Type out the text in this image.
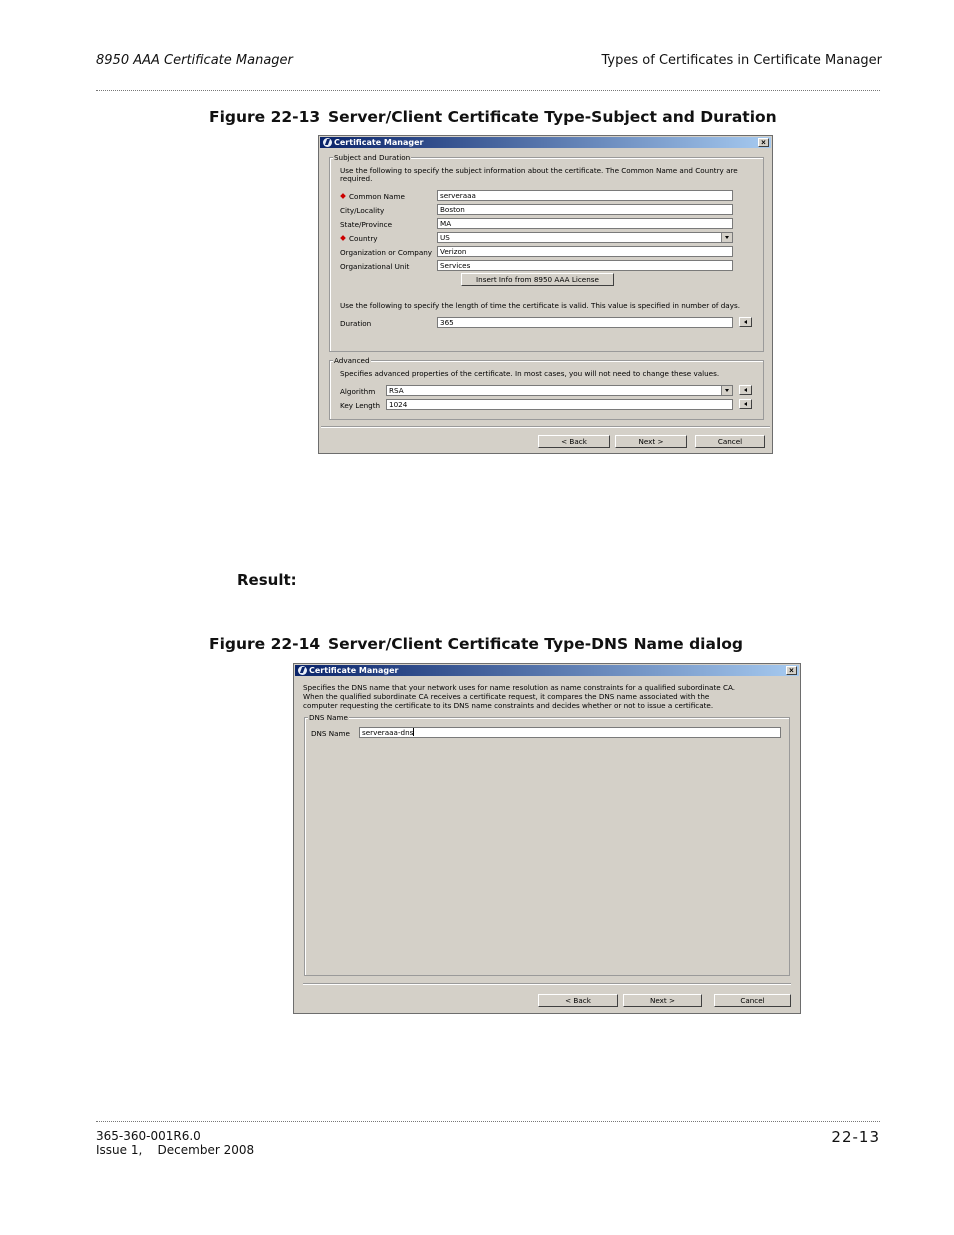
8950 AAA Certificate Manager	Types of Certificates in Certificate Manager
Figure 22-13 Server/Client Certificate Type-Subject and Duration
Certificate Manager	×
Subject and Duration
Use the following to specify the subject information about the certificate. The Common Name and Country are
required.
Common Name	serveraaa
City/Locality	Boston
State/Province	MA
Country	US
Organization or Company	Verizon
Organizational Unit	Services
Insert Info from 8950 AAA License
Use the following to specify the length of time the certificate is valid. This value is specified in number of days.
Duration	365
Advanced
Specifies advanced properties of the certificate. In most cases, you will not need to change these values.
Algorithm	RSA
Key Length	1024
< Back	Next >	Cancel
Result:
Figure 22-14 Server/Client Certificate Type-DNS Name dialog
Certificate Manager	×
Specifies the DNS name that your network uses for name resolution as name constraints for a qualified subordinate CA.
When the qualified subordinate CA receives a certificate request, it compares the DNS name associated with the
computer requesting the certificate to its DNS name constraints and decides whether or not to issue a certificate.
DNS Name
DNS Name	serveraaa-dns
< Back	Next >	Cancel
365-360-001R6.0
Issue 1,    December 2008
22-13
